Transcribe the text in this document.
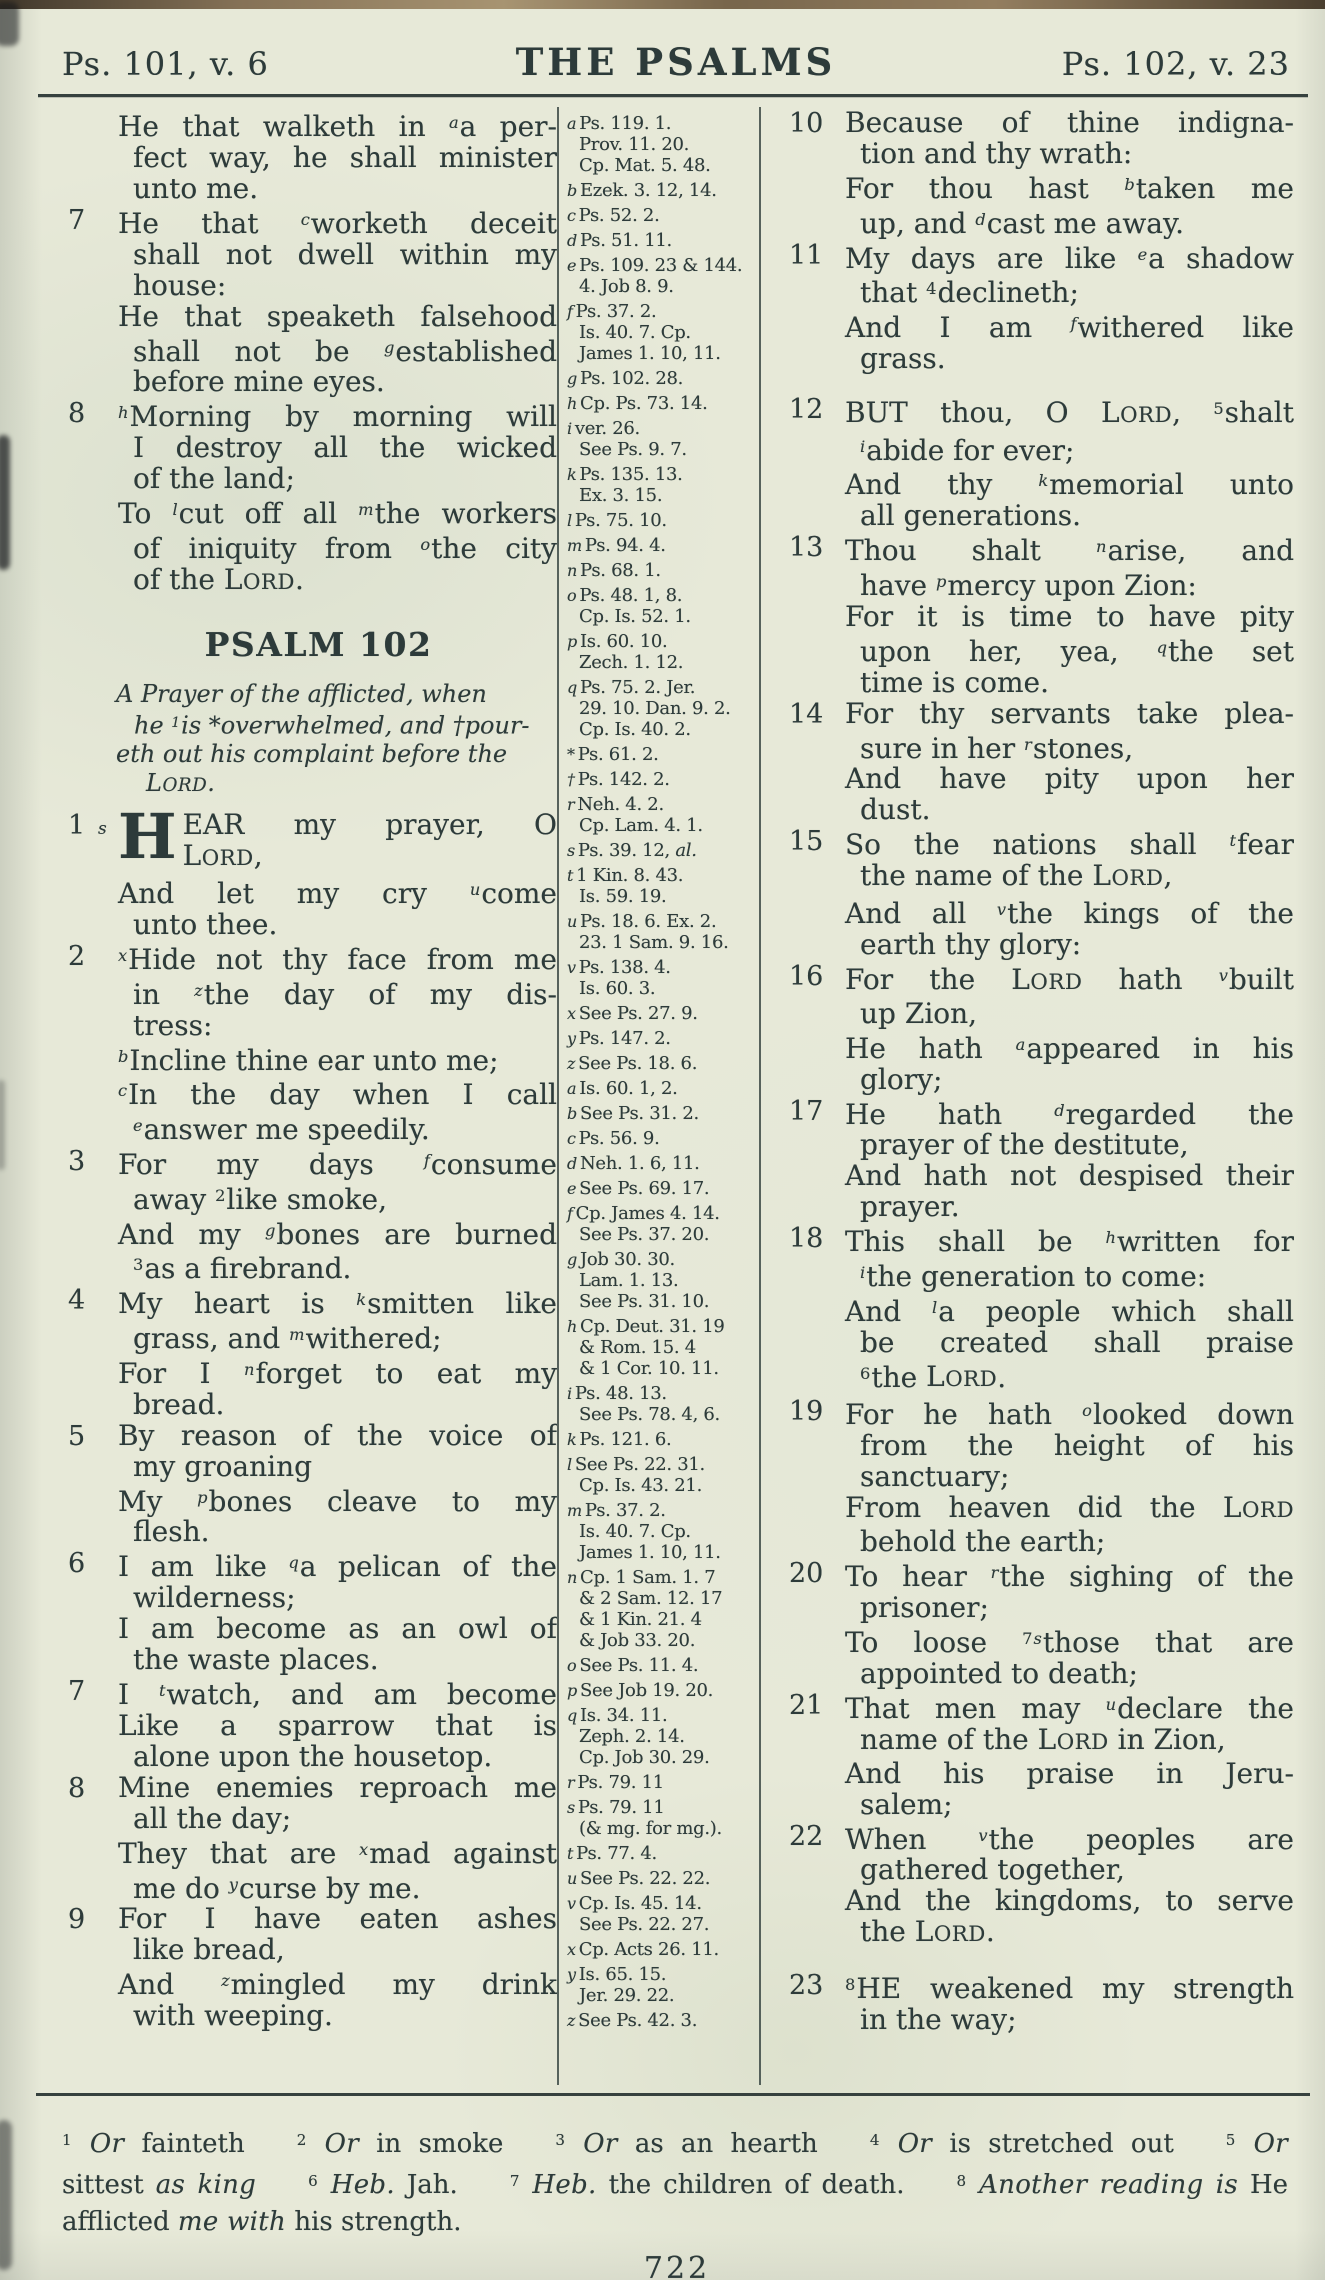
Ps. 101, v. 6	THE PSALMS	Ps. 102, v. 23
He that walketh in $^a$a per-
fect way, he shall minister
unto me.
7 He that $^c$worketh deceit
shall not dwell within my
house:
He that speaketh falsehood
shall not be $^g$established
before mine eyes.
8 $^h$Morning by morning will
I destroy all the wicked
of the land;
To $^l$cut off all $^m$the workers
of iniquity from $^o$the city
of the LORD.
PSALM 102
A Prayer of the afflicted, when
he $^1$is *overwhelmed, and †pour-
eth out his complaint before the
LORD.
1 s HEAR my prayer, O
LORD,
And let my cry $^u$come
unto thee.
2 $^x$Hide not thy face from me
in $^z$the day of my dis-
tress:
$^b$Incline thine ear unto me;
$^c$In the day when I call
$^e$answer me speedily.
3 For my days $^f$consume
away $^2$like smoke,
And my $^g$bones are burned
$^3$as a firebrand.
4 My heart is $^k$smitten like
grass, and $^m$withered;
For I $^n$forget to eat my
bread.
5 By reason of the voice of
my groaning
My $^p$bones cleave to my
flesh.
6 I am like $^q$a pelican of the
wilderness;
I am become as an owl of
the waste places.
7 I $^t$watch, and am become
Like a sparrow that is
alone upon the housetop.
8 Mine enemies reproach me
all the day;
They that are $^x$mad against
me do $^y$curse by me.
9 For I have eaten ashes
like bread,
And $^z$mingled my drink
with weeping.
a Ps. 119. 1.
Prov. 11. 20.
Cp. Mat. 5. 48.
b Ezek. 3. 12, 14.
c Ps. 52. 2.
d Ps. 51. 11.
e Ps. 109. 23 & 144.
4. Job 8. 9.
f Ps. 37. 2.
Is. 40. 7. Cp.
James 1. 10, 11.
g Ps. 102. 28.
h Cp. Ps. 73. 14.
i ver. 26.
See Ps. 9. 7.
k Ps. 135. 13.
Ex. 3. 15.
l Ps. 75. 10.
m Ps. 94. 4.
n Ps. 68. 1.
o Ps. 48. 1, 8.
Cp. Is. 52. 1.
p Is. 60. 10.
Zech. 1. 12.
q Ps. 75. 2. Jer.
29. 10. Dan. 9. 2.
Cp. Is. 40. 2.
* Ps. 61. 2.
† Ps. 142. 2.
r Neh. 4. 2.
Cp. Lam. 4. 1.
s Ps. 39. 12, al.
t 1 Kin. 8. 43.
Is. 59. 19.
u Ps. 18. 6. Ex. 2.
23. 1 Sam. 9. 16.
v Ps. 138. 4.
Is. 60. 3.
x See Ps. 27. 9.
y Ps. 147. 2.
z See Ps. 18. 6.
a Is. 60. 1, 2.
b See Ps. 31. 2.
c Ps. 56. 9.
d Neh. 1. 6, 11.
e See Ps. 69. 17.
f Cp. James 4. 14.
See Ps. 37. 20.
g Job 30. 30.
Lam. 1. 13.
See Ps. 31. 10.
h Cp. Deut. 31. 19
& Rom. 15. 4
& 1 Cor. 10. 11.
i Ps. 48. 13.
See Ps. 78. 4, 6.
k Ps. 121. 6.
l See Ps. 22. 31.
Cp. Is. 43. 21.
m Ps. 37. 2.
Is. 40. 7. Cp.
James 1. 10, 11.
n Cp. 1 Sam. 1. 7
& 2 Sam. 12. 17
& 1 Kin. 21. 4
& Job 33. 20.
o See Ps. 11. 4.
p See Job 19. 20.
q Is. 34. 11.
Zeph. 2. 14.
Cp. Job 30. 29.
r Ps. 79. 11
s Ps. 79. 11
(& mg. for mg.).
t Ps. 77. 4.
u See Ps. 22. 22.
v Cp. Is. 45. 14.
See Ps. 22. 27.
x Cp. Acts 26. 11.
y Is. 65. 15.
Jer. 29. 22.
z See Ps. 42. 3.
10 Because of thine indigna-
tion and thy wrath:
For thou hast $^b$taken me
up, and $^d$cast me away.
11 My days are like $^e$a shadow
that $^4$declineth;
And I am $^f$withered like
grass.
12 BUT thou, O LORD, $^5$shalt
$^i$abide for ever;
And thy $^k$memorial unto
all generations.
13 Thou shalt $^n$arise, and
have $^p$mercy upon Zion:
For it is time to have pity
upon her, yea, $^q$the set
time is come.
14 For thy servants take plea-
sure in her $^r$stones,
And have pity upon her
dust.
15 So the nations shall $^t$fear
the name of the LORD,
And all $^v$the kings of the
earth thy glory:
16 For the LORD hath $^v$built
up Zion,
He hath $^a$appeared in his
glory;
17 He hath $^d$regarded the
prayer of the destitute,
And hath not despised their
prayer.
18 This shall be $^h$written for
$^i$the generation to come:
And $^l$a people which shall
be created shall praise
$^6$the LORD.
19 For he hath $^o$looked down
from the height of his
sanctuary;
From heaven did the LORD
behold the earth;
20 To hear $^r$the sighing of the
prisoner;
To loose $^{7s}$those that are
appointed to death;
21 That men may $^u$declare the
name of the LORD in Zion,
And his praise in Jeru-
salem;
22 When $^v$the peoples are
gathered together,
And the kingdoms, to serve
the LORD.
23 $^8$HE weakened my strength
in the way;
$^1$ Or fainteth  $^2$ Or in smoke  $^3$ Or as an hearth  $^4$ Or is stretched out  $^5$ Or
sittest as king  	$^6$ Heb. Jah.  $^7$ Heb. the children of death.  $^8$ Another reading is He
afflicted me with his strength.
722
